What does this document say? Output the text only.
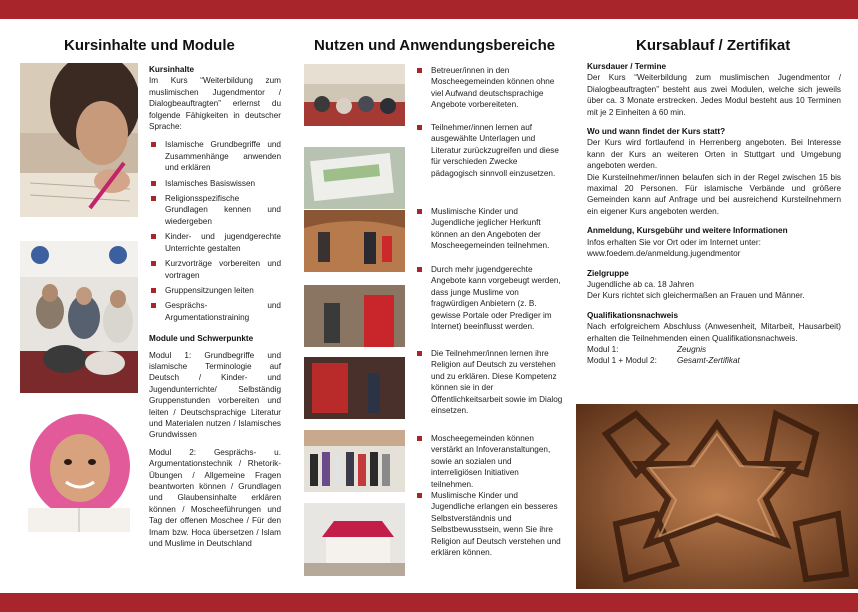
Kursinhalte und Module	Nutzen und Anwendungsbereiche	Kursablauf / Zertifikat

Kursinhalte

Im Kurs “Weiterbildung zum muslimischen Jugendmentor / Dialogbeauftragten” erlernst du folgende Fähigkeiten in deutscher Sprache:

Islamische Grundbegriffe und Zusammenhänge anwenden und erklären
Islamisches Basiswissen
Religionsspezifische Grundlagen kennen und wiedergeben
Kinder- und jugendgerechte Unterrichte gestalten
Kurzvorträge vorbereiten und vortragen
Gruppensitzungen leiten
Gesprächs- und Argumentationstraining

Module und Schwerpunkte

Modul 1: Grundbegriffe und islamische Terminologie auf Deutsch / Kinder- und Jugendunterrichte/ Selbständig Gruppenstunden vorbereiten und leiten / Deutschsprachige Literatur und Materialen nutzen / Islamisches Grundwissen

Modul 2: Gesprächs- u. Argumentationstechnik / Rhetorik-Übungen / Allgemeine Fragen beantworten können / Grundlagen und Glaubensinhalte erklären können / Moscheeführungen und Tag der offenen Moschee / Für den Imam bzw. Hoca übersetzen / Islam und Muslime in Deutschland

Betreuer/innen in den Moscheegemeinden können ohne viel Aufwand deutschsprachige Angebote vorbereiteten.
Teilnehmer/innen lernen auf ausgewählte Unterlagen und Literatur zurückzugreifen und diese für verschieden Zwecke pädagogisch sinnvoll einzusetzen.
Muslimische Kinder und Jugendliche jeglicher Herkunft können an den Angeboten der Moscheegemeinden teilnehmen.
Durch mehr jugendgerechte Angebote kann vorgebeugt werden, dass junge Muslime von fragwürdigen Anbietern (z. B. gewisse Portale oder Prediger im Internet) beeinflusst werden.
Die Teilnehmer/innen lernen ihre Religion auf Deutsch zu verstehen und zu erklären. Diese Kompetenz können sie in der Öffentlichkeitsarbeit sowie im Dialog einsetzen.
Moscheegemeinden können verstärkt an Infoveranstaltungen, sowie an sozialen und interreligiösen Initiativen teilnehmen.
Muslimische Kinder und Jugendliche erlangen ein besseres Selbstverständnis und Selbstbewusstsein, wenn Sie ihre Religion auf Deutsch verstehen und erklären können.

Kursdauer / Termine

Der Kurs “Weiterbildung zum muslimischen Jugendmentor / Dialogbeauftragten” besteht aus zwei Modulen, welche sich jeweils über ca. 3 Monate erstrecken. Jedes Modul besteht aus 10 Terminen mit je 2 Einheiten à 60 min.

Wo und wann findet der Kurs statt?

Der Kurs wird fortlaufend in Herrenberg angeboten. Bei Interesse kann der Kurs an weiteren Orten in Stuttgart und Umgebung angeboten werden.

Die Kursteilnehmer/innen belaufen sich in der Regel zwischen 15 bis maximal 20 Personen. Für islamische Verbände und größere Gemeinden kann auf Anfrage und bei ausreichend Kursteilnehmern ein eigener Kurs angeboten werden.

Anmeldung, Kursgebühr und weitere Informationen

Infos erhalten Sie vor Ort oder im Internet unter:

www.foedem.de/anmeldung.jugendmentor

Zielgruppe

Jugendliche ab ca. 18 Jahren

Der Kurs richtet sich gleichermaßen an Frauen und Männer.

Qualifikationsnachweis

Nach erfolgreichem Abschluss (Anwesenheit, Mitarbeit, Hausarbeit) erhalten die Teilnehmenden einen Qualifikationsnachweis.

Modul 1:	Zeugnis
Modul 1 + Modul 2:	Gesamt-Zertifikat
